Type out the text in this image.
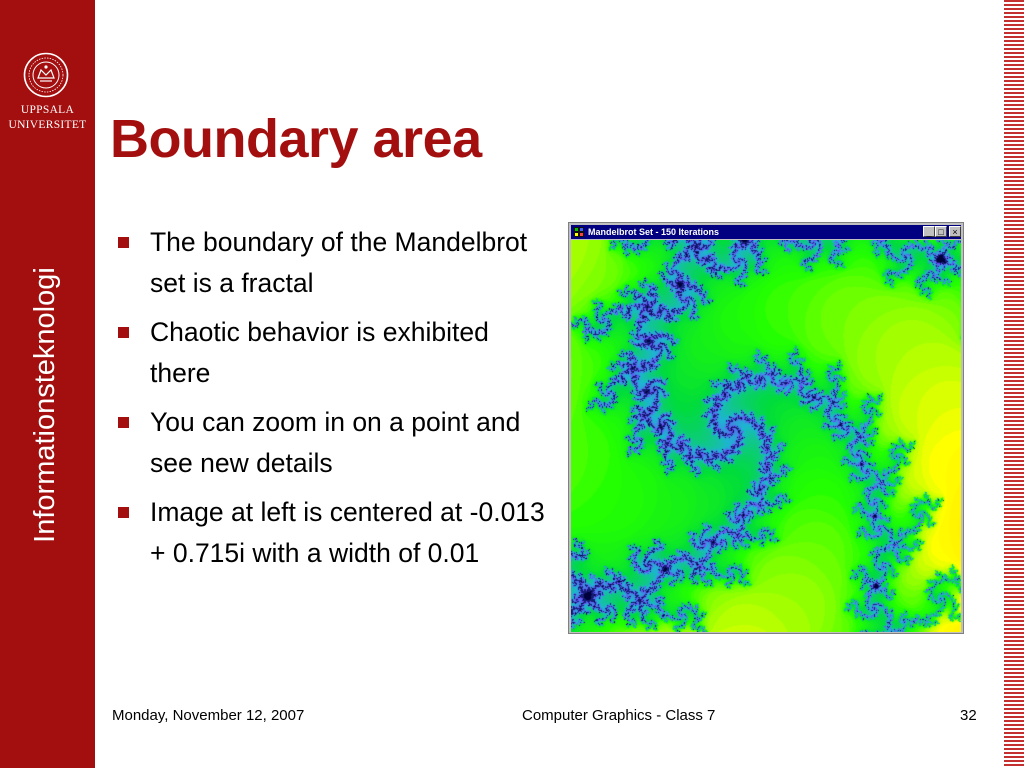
UPPSALA
UNIVERSITET
Informationsteknologi
Boundary area
The boundary of the Mandelbrot set is a fractal
Chaotic behavior is exhibited there
You can zoom in on a point and see new details
Image at left is centered at -0.013 + 0.715i with a width of 0.01
Mandelbrot Set - 150 Iterations	_ □ ×
Monday, November 12, 2007	Computer Graphics - Class 7	32
